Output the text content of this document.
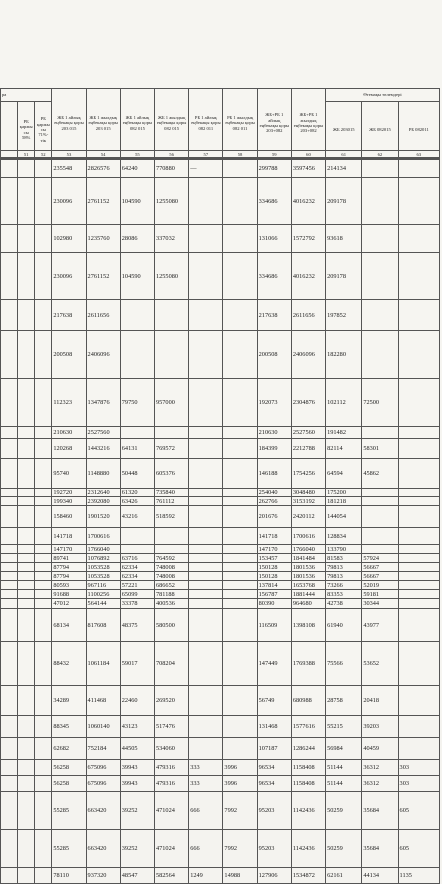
ра			ЖБ 1 айлық еңбекақы қоры 203 015	ЖБ 1 жылдық еңбекақы қоры 203 015	ЖБ 1 айлық еңбекақы қоры 082 015	ЖБ 1 жылдық еңбекақы қоры 082 015	РБ 1 айлық еңбекақы қоры 082 011	РБ 1 жылдық еңбекақы қоры 082 011	ЖБ+РБ 1 айлық еңбекақы қоры 203+082	ЖБ+РБ 1 жылдық еңбекақы қоры 203+082	Өтемақы төлемдері		
	РБ қаржысы 58%	РБ қаржысы 71%-тік									ЖБ 203015	ЖБ 082015	РБ 082011
	51	52	53	54	55	56	57	58	59	60	61	62	63
			235548	2826576	64240	770880	—		299788	3597456	214134		
			230096	2761152	104590	1255080			334686	4016232	209178		
			102980	1235760	28086	337032			131066	1572792	93618		
			230096	2761152	104590	1255080			334686	4016232	209178		
			217638	2611656					217638	2611656	197852		
			200508	2406096					200508	2406096	182280		
			112323	1347876	79750	957000			192073	2304876	102112	72500	
			210630	2527560					210630	2527560	191482		
			120268	1443216	64131	769572			184399	2212788	82114	58301	
			95740	1148880	50448	605376			146188	1754256	64594	45862	
			192720	2312640	61320	735840			254040	3048480	175200		
			199340	2392080	63426	761112			262766	3153192	181218		
			158460	1901520	43216	518592			201676	2420112	144054		
			141718	1700616					141718	1700616	128834		
			147170	1766040					147170	1766040	133790		
			89741	1076892	63716	764592			153457	1841484	81583	57924	
			87794	1053528	62334	748008			150128	1801536	79813	56667	
			87794	1053528	62334	748008			150128	1801536	79813	56667	
			80593	967116	57221	686652			137814	1653768	73266	52019	
			91688	1100256	65099	781188			156787	1881444	83353	59181	
			47012	564144	33378	400536			80390	964680	42738	30344	
			68134	817608	48375	580500			116509	1398108	61940	43977	
			88432	1061184	59017	708204			147449	1769388	75566	53652	
			34289	411468	22460	269520			56749	680988	28758	20418	
			88345	1060140	43123	517476			131468	1577616	55215	39203	
			62682	752184	44505	534060			107187	1286244	56984	40459	
			56258	675096	39943	479316	333	3996	96534	1158408	51144	36312	303
			56258	675096	39943	479316	333	3996	96534	1158408	51144	36312	303
			55285	663420	39252	471024	666	7992	95203	1142436	50259	35684	605
			55285	663420	39252	471024	666	7992	95203	1142436	50259	35684	605
			78110	937320	48547	582564	1249	14988	127906	1534872	62161	44134	1135
